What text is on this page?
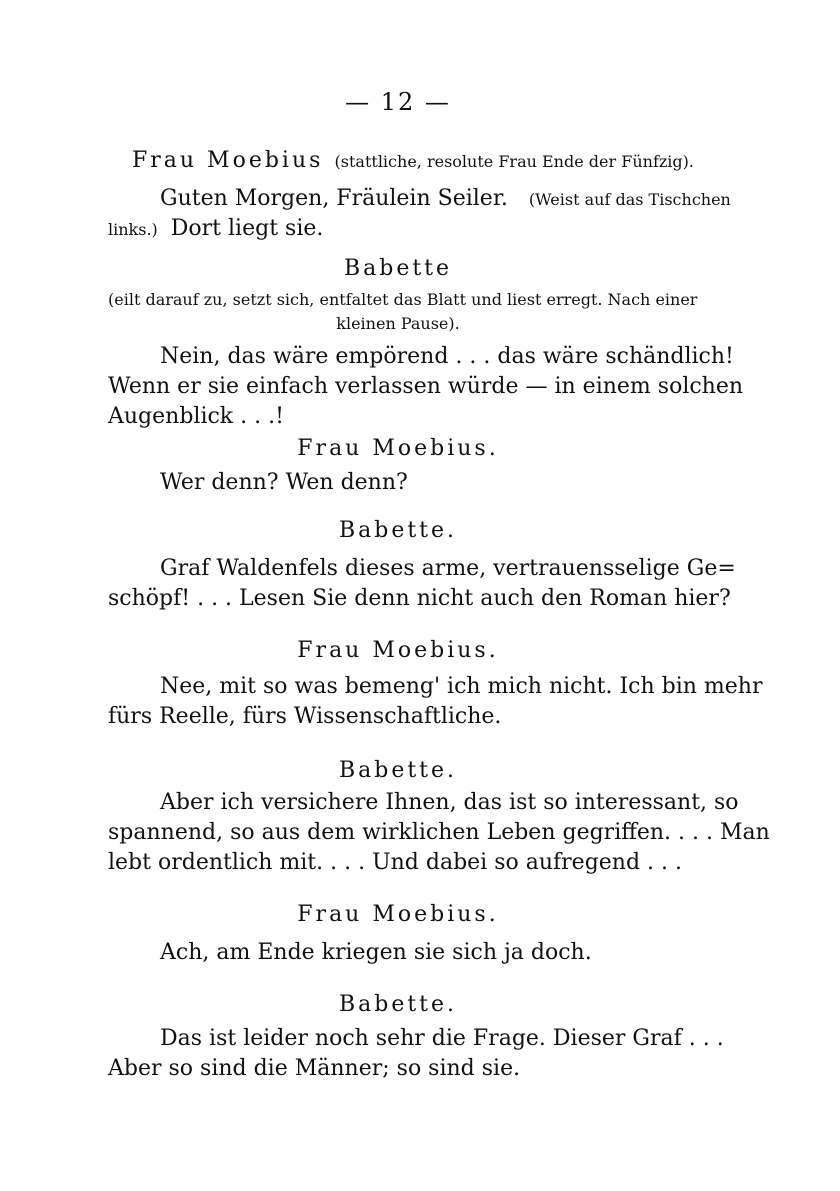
— 12 —
Frau Moebius (stattliche, resolute Frau Ende der Fünfzig).
Guten Morgen, Fräulein Seiler. (Weist auf das Tischchen
links.) Dort liegt sie.
Babette
(eilt darauf zu, setzt sich, entfaltet das Blatt und liest erregt. Nach einer
kleinen Pause).
Nein, das wäre empörend . . . das wäre schändlich!
Wenn er sie einfach verlassen würde — in einem solchen
Augenblick . . .!
Frau Moebius.
Wer denn? Wen denn?
Babette.
Graf Waldenfels dieses arme, vertrauensselige Ge=
schöpf! . . . Lesen Sie denn nicht auch den Roman hier?
Frau Moebius.
Nee, mit so was bemeng' ich mich nicht. Ich bin mehr
fürs Reelle, fürs Wissenschaftliche.
Babette.
Aber ich versichere Ihnen, das ist so interessant, so
spannend, so aus dem wirklichen Leben gegriffen. . . . Man
lebt ordentlich mit. . . . Und dabei so aufregend . . .
Frau Moebius.
Ach, am Ende kriegen sie sich ja doch.
Babette.
Das ist leider noch sehr die Frage. Dieser Graf . . .
Aber so sind die Männer; so sind sie.
